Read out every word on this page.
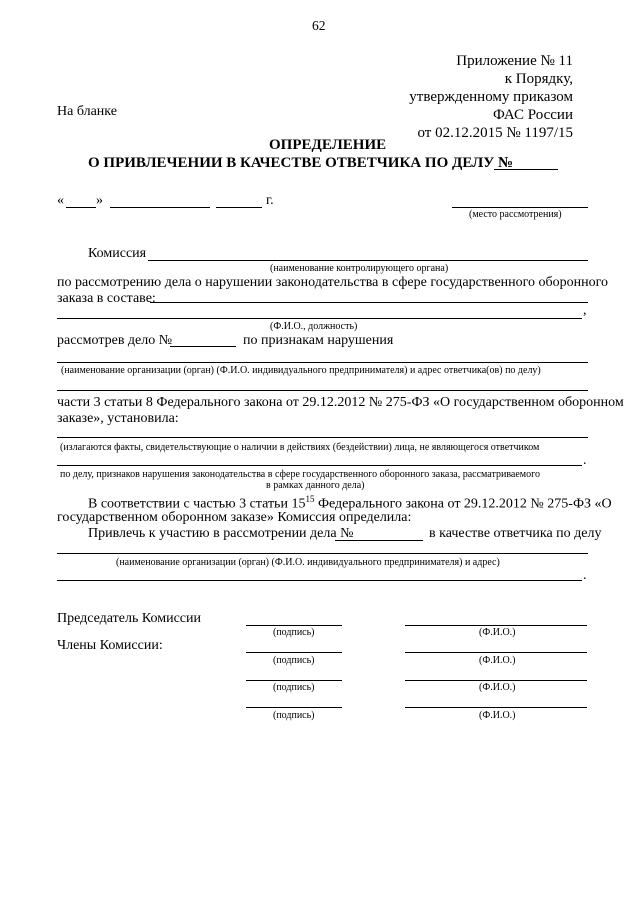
62
Приложение № 11
к Порядку,
утвержденному приказом
ФАС России
от 02.12.2015 № 1197/15
На бланке
ОПРЕДЕЛЕНИЕ
О ПРИВЛЕЧЕНИИ В КАЧЕСТВЕ ОТВЕТЧИКА ПО ДЕЛУ №
« »	г.
(место рассмотрения)
Комиссия
(наименование контролирующего органа)
по рассмотрению дела о нарушении законодательства в сфере государственного оборонного
заказа в составе:
,
(Ф.И.О., должность)
рассмотрев дело №	по признакам нарушения
(наименование организации (орган) (Ф.И.О. индивидуального предпринимателя) и адрес ответчика(ов) по делу)
части 3 статьи 8 Федерального закона от 29.12.2012 № 275-ФЗ «О государственном оборонном
заказе», установила:
(излагаются факты, свидетельствующие о наличии в действиях (бездействии) лица, не являющегося ответчиком
.
по делу, признаков нарушения законодательства в сфере государственного оборонного заказа, рассматриваемого
в рамках данного дела)
В соответствии с частью 3 статьи $15^{15}$ Федерального закона от 29.12.2012 № 275-ФЗ «О
государственном оборонном заказе» Комиссия определила:
Привлечь к участию в рассмотрении дела №	в качестве ответчика по делу
(наименование организации (орган) (Ф.И.О. индивидуального предпринимателя) и адрес)
.
Председатель Комиссии
Члены Комиссии:
(подпись)	(Ф.И.О.)
(подпись)	(Ф.И.О.)
(подпись)	(Ф.И.О.)
(подпись)	(Ф.И.О.)
